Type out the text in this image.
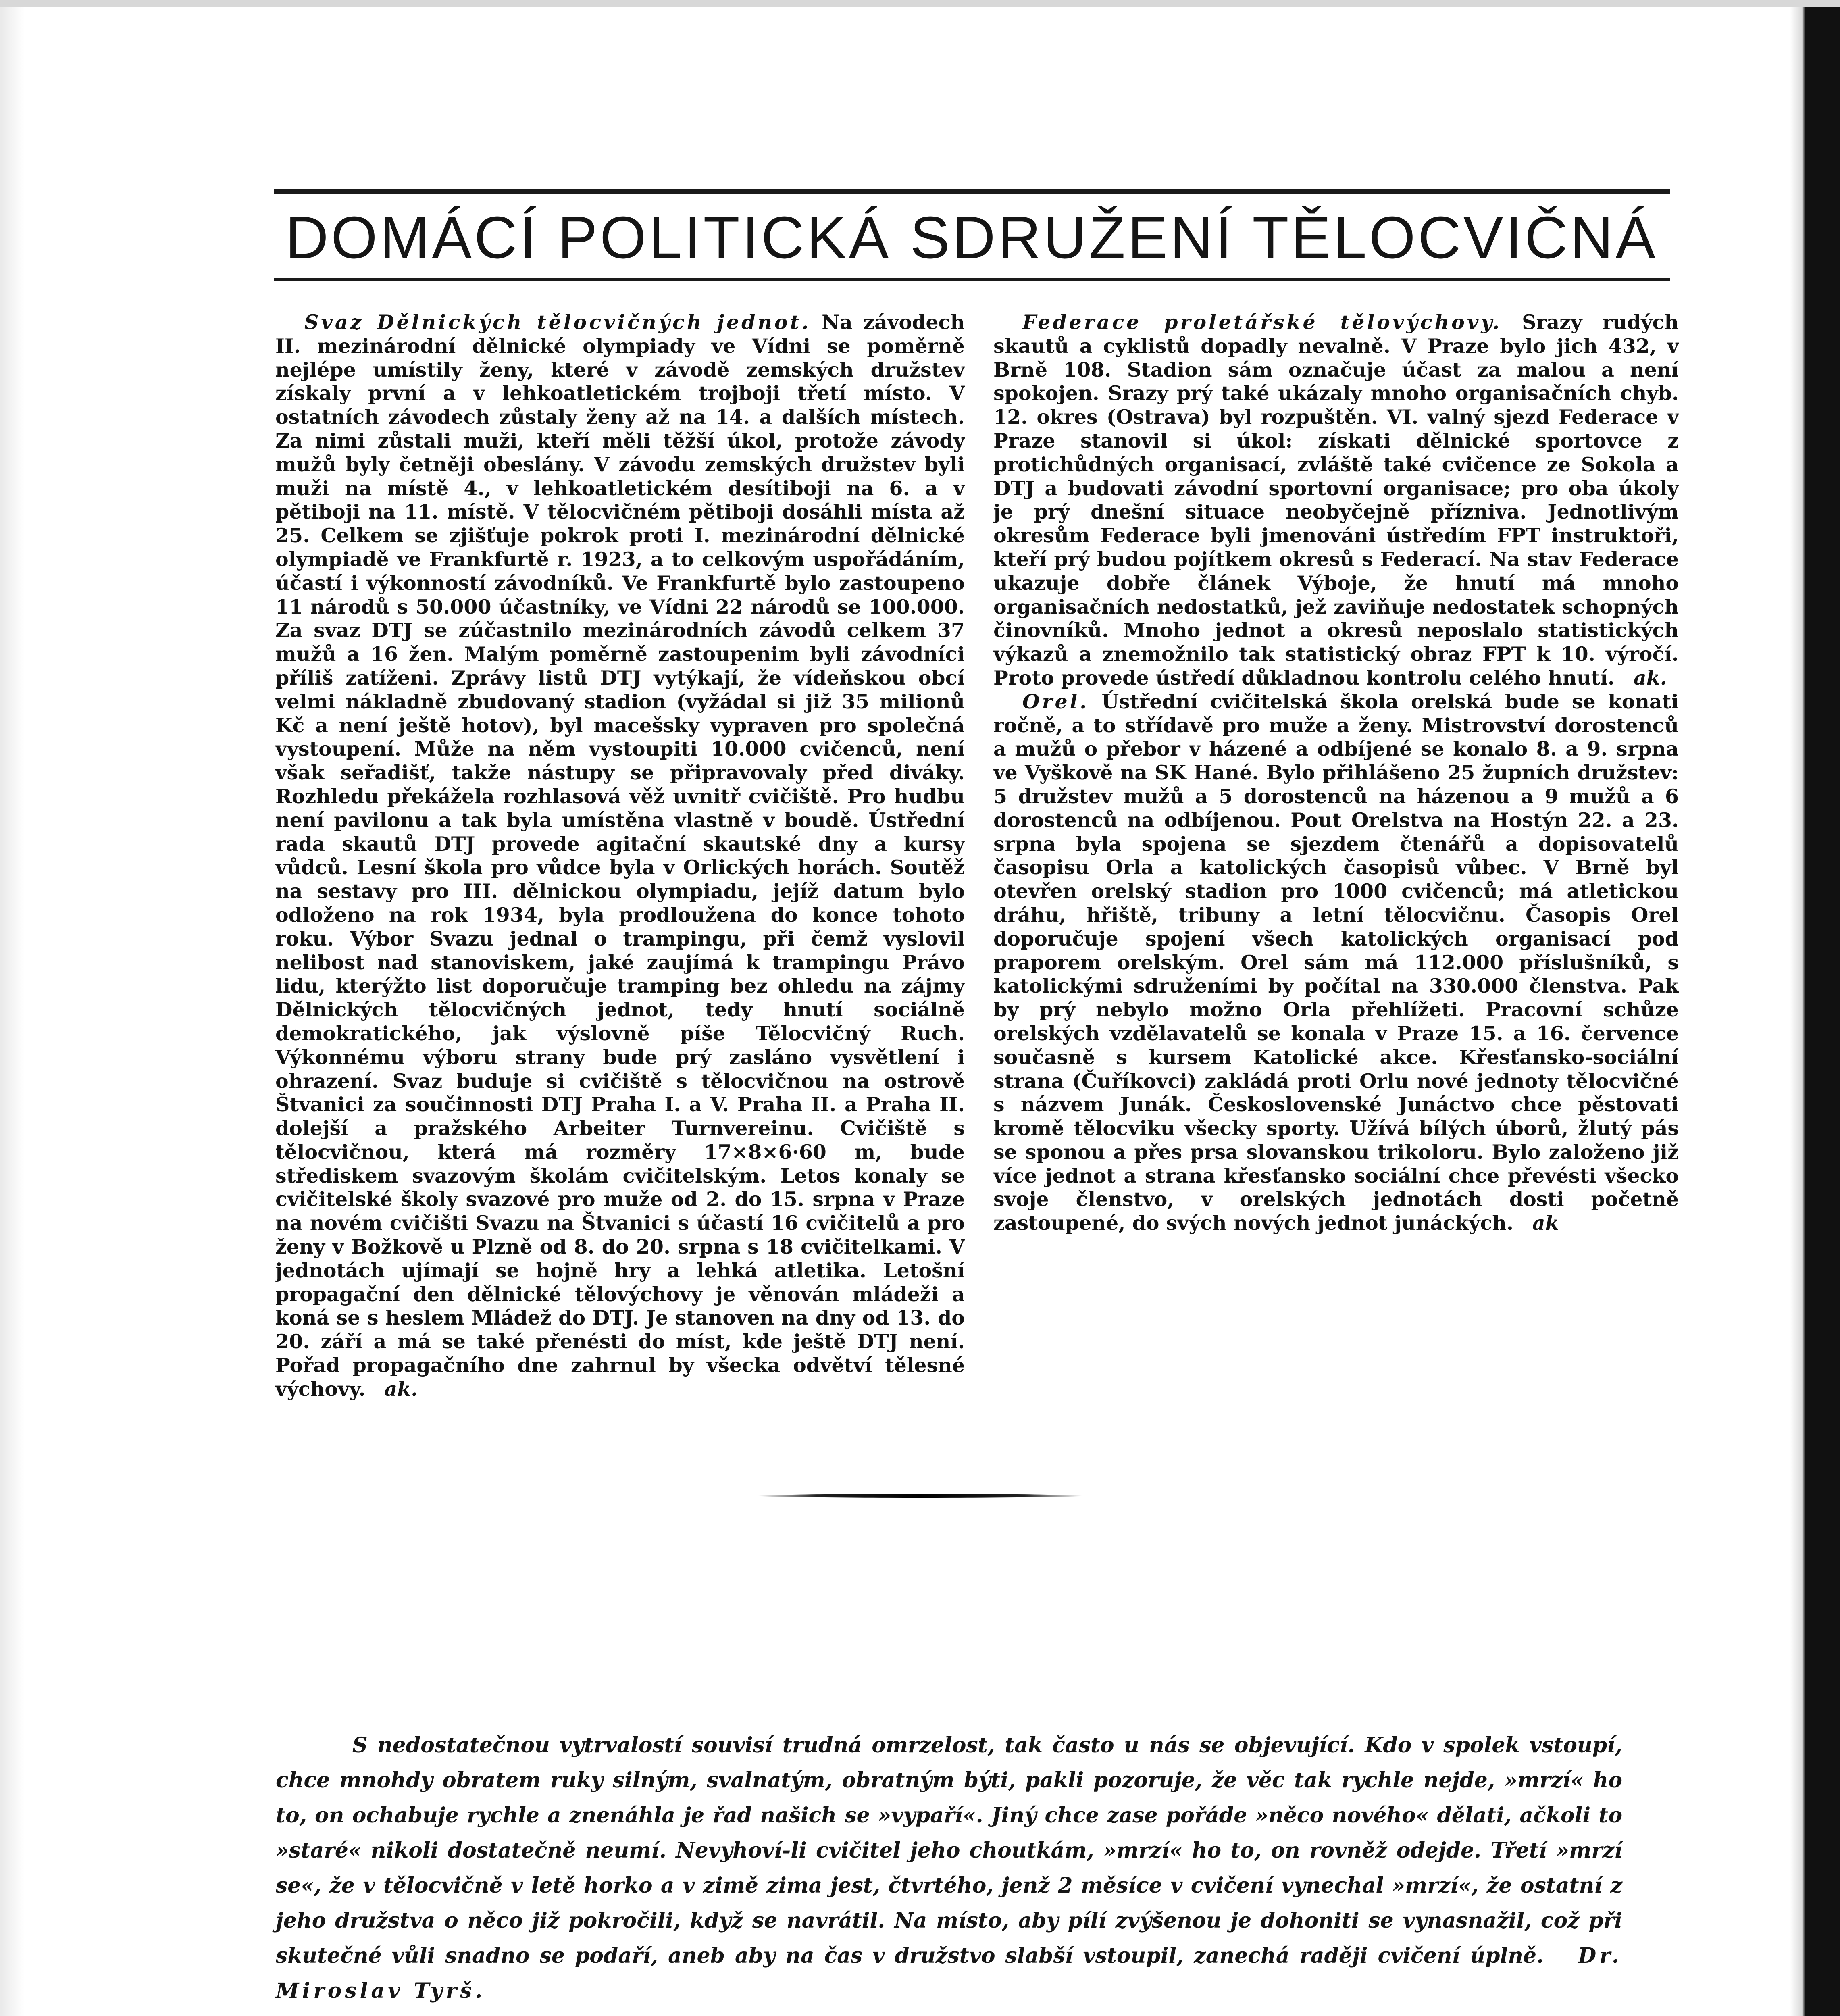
DOMÁCÍ POLITICKÁ SDRUŽENÍ TĚLOCVIČNÁ

Svaz Dělnických tělocvičných jednot. Na závodech II. mezinárodní dělnické olympiady ve Vídni se poměrně nejlépe umístily ženy, které v závodě zemských družstev získaly první a v lehkoatletickém trojboji třetí místo. V ostatních závodech zůstaly ženy až na 14. a dalších místech. Za nimi zůstali muži, kteří měli těžší úkol, protože závody mužů byly četněji obeslány. V závodu zemských družstev byli muži na místě 4., v lehkoatletickém desítiboji na 6. a v pětiboji na 11. místě. V tělocvičném pětiboji dosáhli místa až 25. Celkem se zjišťuje pokrok proti I. mezinárodní dělnické olympiadě ve Frankfurtě r. 1923, a to celkovým uspořádáním, účastí i výkonností závodníků. Ve Frankfurtě bylo zastoupeno 11 národů s 50.000 účastníky, ve Vídni 22 národů se 100.000. Za svaz DTJ se zúčastnilo mezinárodních závodů celkem 37 mužů a 16 žen. Malým poměrně zastoupenim byli závodníci příliš zatíženi. Zprávy listů DTJ vytýkají, že vídeňskou obcí velmi nákladně zbudovaný stadion (vyžádal si již 35 milionů Kč a není ještě hotov), byl macešsky vypraven pro společná vystoupení. Může na něm vystoupiti 10.000 cvičenců, není však seřadišť, takže nástupy se připravovaly před diváky. Rozhledu překážela rozhlasová věž uvnitř cvičiště. Pro hudbu není pavilonu a tak byla umístěna vlastně v boudě. Ústřední rada skautů DTJ provede agitační skautské dny a kursy vůdců. Lesní škola pro vůdce byla v Orlických horách. Soutěž na sestavy pro III. dělnickou olympiadu, jejíž datum bylo odloženo na rok 1934, byla prodloužena do konce tohoto roku. Výbor Svazu jednal o trampingu, při čemž vyslovil nelibost nad stanoviskem, jaké zaujímá k trampingu Právo lidu, kterýžto list doporučuje tramping bez ohledu na zájmy Dělnických tělocvičných jednot, tedy hnutí sociálně demokratického, jak výslovně píše Tělocvičný Ruch. Výkonnému výboru strany bude prý zasláno vysvětlení i ohrazení. Svaz buduje si cvičiště s tělocvičnou na ostrově Štvanici za součinnosti DTJ Praha I. a V. Praha II. a Praha II. dolejší a pražského Arbeiter Turnvereinu. Cvičiště s tělocvičnou, která má rozměry 17×8×6·60 m, bude střediskem svazovým školám cvičitelským. Letos konaly se cvičitelské školy svazové pro muže od 2. do 15. srpna v Praze na novém cvičišti Svazu na Štvanici s účastí 16 cvičitelů a pro ženy v Božkově u Plzně od 8. do 20. srpna s 18 cvičitelkami. V jednotách ujímají se hojně hry a lehká atletika. Letošní propagační den dělnické tělovýchovy je věnován mládeži a koná se s heslem Mládež do DTJ. Je stanoven na dny od 13. do 20. září a má se také přenésti do míst, kde ještě DTJ není. Pořad propagačního dne zahrnul by všecka odvětví tělesné výchovy. ak.

Federace proletářské tělovýchovy. Srazy rudých skautů a cyklistů dopadly nevalně. V Praze bylo jich 432, v Brně 108. Stadion sám označuje účast za malou a není spokojen. Srazy prý také ukázaly mnoho organisačních chyb. 12. okres (Ostrava) byl rozpuštěn. VI. valný sjezd Federace v Praze stanovil si úkol: získati dělnické sportovce z protichůdných organisací, zvláště také cvičence ze Sokola a DTJ a budovati závodní sportovní organisace; pro oba úkoly je prý dnešní situace neobyčejně příznivа. Jednotlivým okresům Federace byli jmenováni ústředím FPT instruktoři, kteří prý budou pojítkem okresů s Federací. Na stav Federace ukazuje dobře článek Výboje, že hnutí má mnoho organisačních nedostatků, jež zaviňuje nedostatek schopných činovníků. Mnoho jednot a okresů neposlalo statistických výkazů a znemožnilo tak statistický obraz FPT k 10. výročí. Proto provede ústředí důkladnou kontrolu celého hnutí. ak.

Orel. Ústřední cvičitelská škola orelská bude se konati ročně, a to střídavě pro muže a ženy. Mistrovství dorostenců a mužů o přebor v házené a odbíjené se konalo 8. a 9. srpna ve Vyškově na SK Hané. Bylo přihlášeno 25 župních družstev: 5 družstev mužů a 5 dorostenců na házenou a 9 mužů a 6 dorostenců na odbíjenou. Pout Orelstva na Hostýn 22. a 23. srpna byla spojena se sjezdem čtenářů a dopisovatelů časopisu Orla a katolických časopisů vůbec. V Brně byl otevřen orelský stadion pro 1000 cvičenců; má atletickou dráhu, hřiště, tribuny a letní tělocvičnu. Časopis Orel doporučuje spojení všech katolických organisací pod praporem orelským. Orel sám má 112.000 příslušníků, s katolickými sdruženími by počítal na 330.000 členstva. Pak by prý nebylo možno Orla přehlížeti. Pracovní schůze orelských vzdělavatelů se konala v Praze 15. a 16. července současně s kursem Katolické akce. Křesťansko-sociální strana (Čuříkovci) zakládá proti Orlu nové jednoty tělocvičné s názvem Junák. Československé Junáctvo chce pěstovati kromě tělocviku všecky sporty. Užívá bílých úborů, žlutý pás se sponou a přes prsa slovanskou trikoloru. Bylo založeno již více jednot a strana křesťansko sociální chce převésti všecko svoje členstvo, v orelských jednotách dosti početně zastoupené, do svých nových jednot junáckých. ak

S nedostatečnou vytrvalostí souvisí trudná omrzelost, tak často u nás se objevující. Kdo v spolek vstoupí, chce mnohdy obratem ruky silným, svalnatým, obratným býti, pakli pozoruje, že věc tak rychle nejde, »mrzí« ho to, on ochabuje rychle a znenáhla je řad našich se »vypaří«. Jiný chce zase pořáde »něco nového« dělati, ačkoli to »staré« nikoli dostatečně neumí. Nevyhoví-li cvičitel jeho choutkám, »mrzí« ho to, on rovněž odejde. Třetí »mrzí se«, že v tělocvičně v letě horko a v zimě zima jest, čtvrtého, jenž 2 měsíce v cvičení vynechal »mrzí«, že ostatní z jeho družstva o něco již pokročili, když se navrátil. Na místo, aby pílí zvýšenou je dohoniti se vynasnažil, což při skutečné vůli snadno se podaří, aneb aby na čas v družstvo slabší vstoupil, zanechá raději cvičení úplně. Dr. Miroslav Tyrš.
